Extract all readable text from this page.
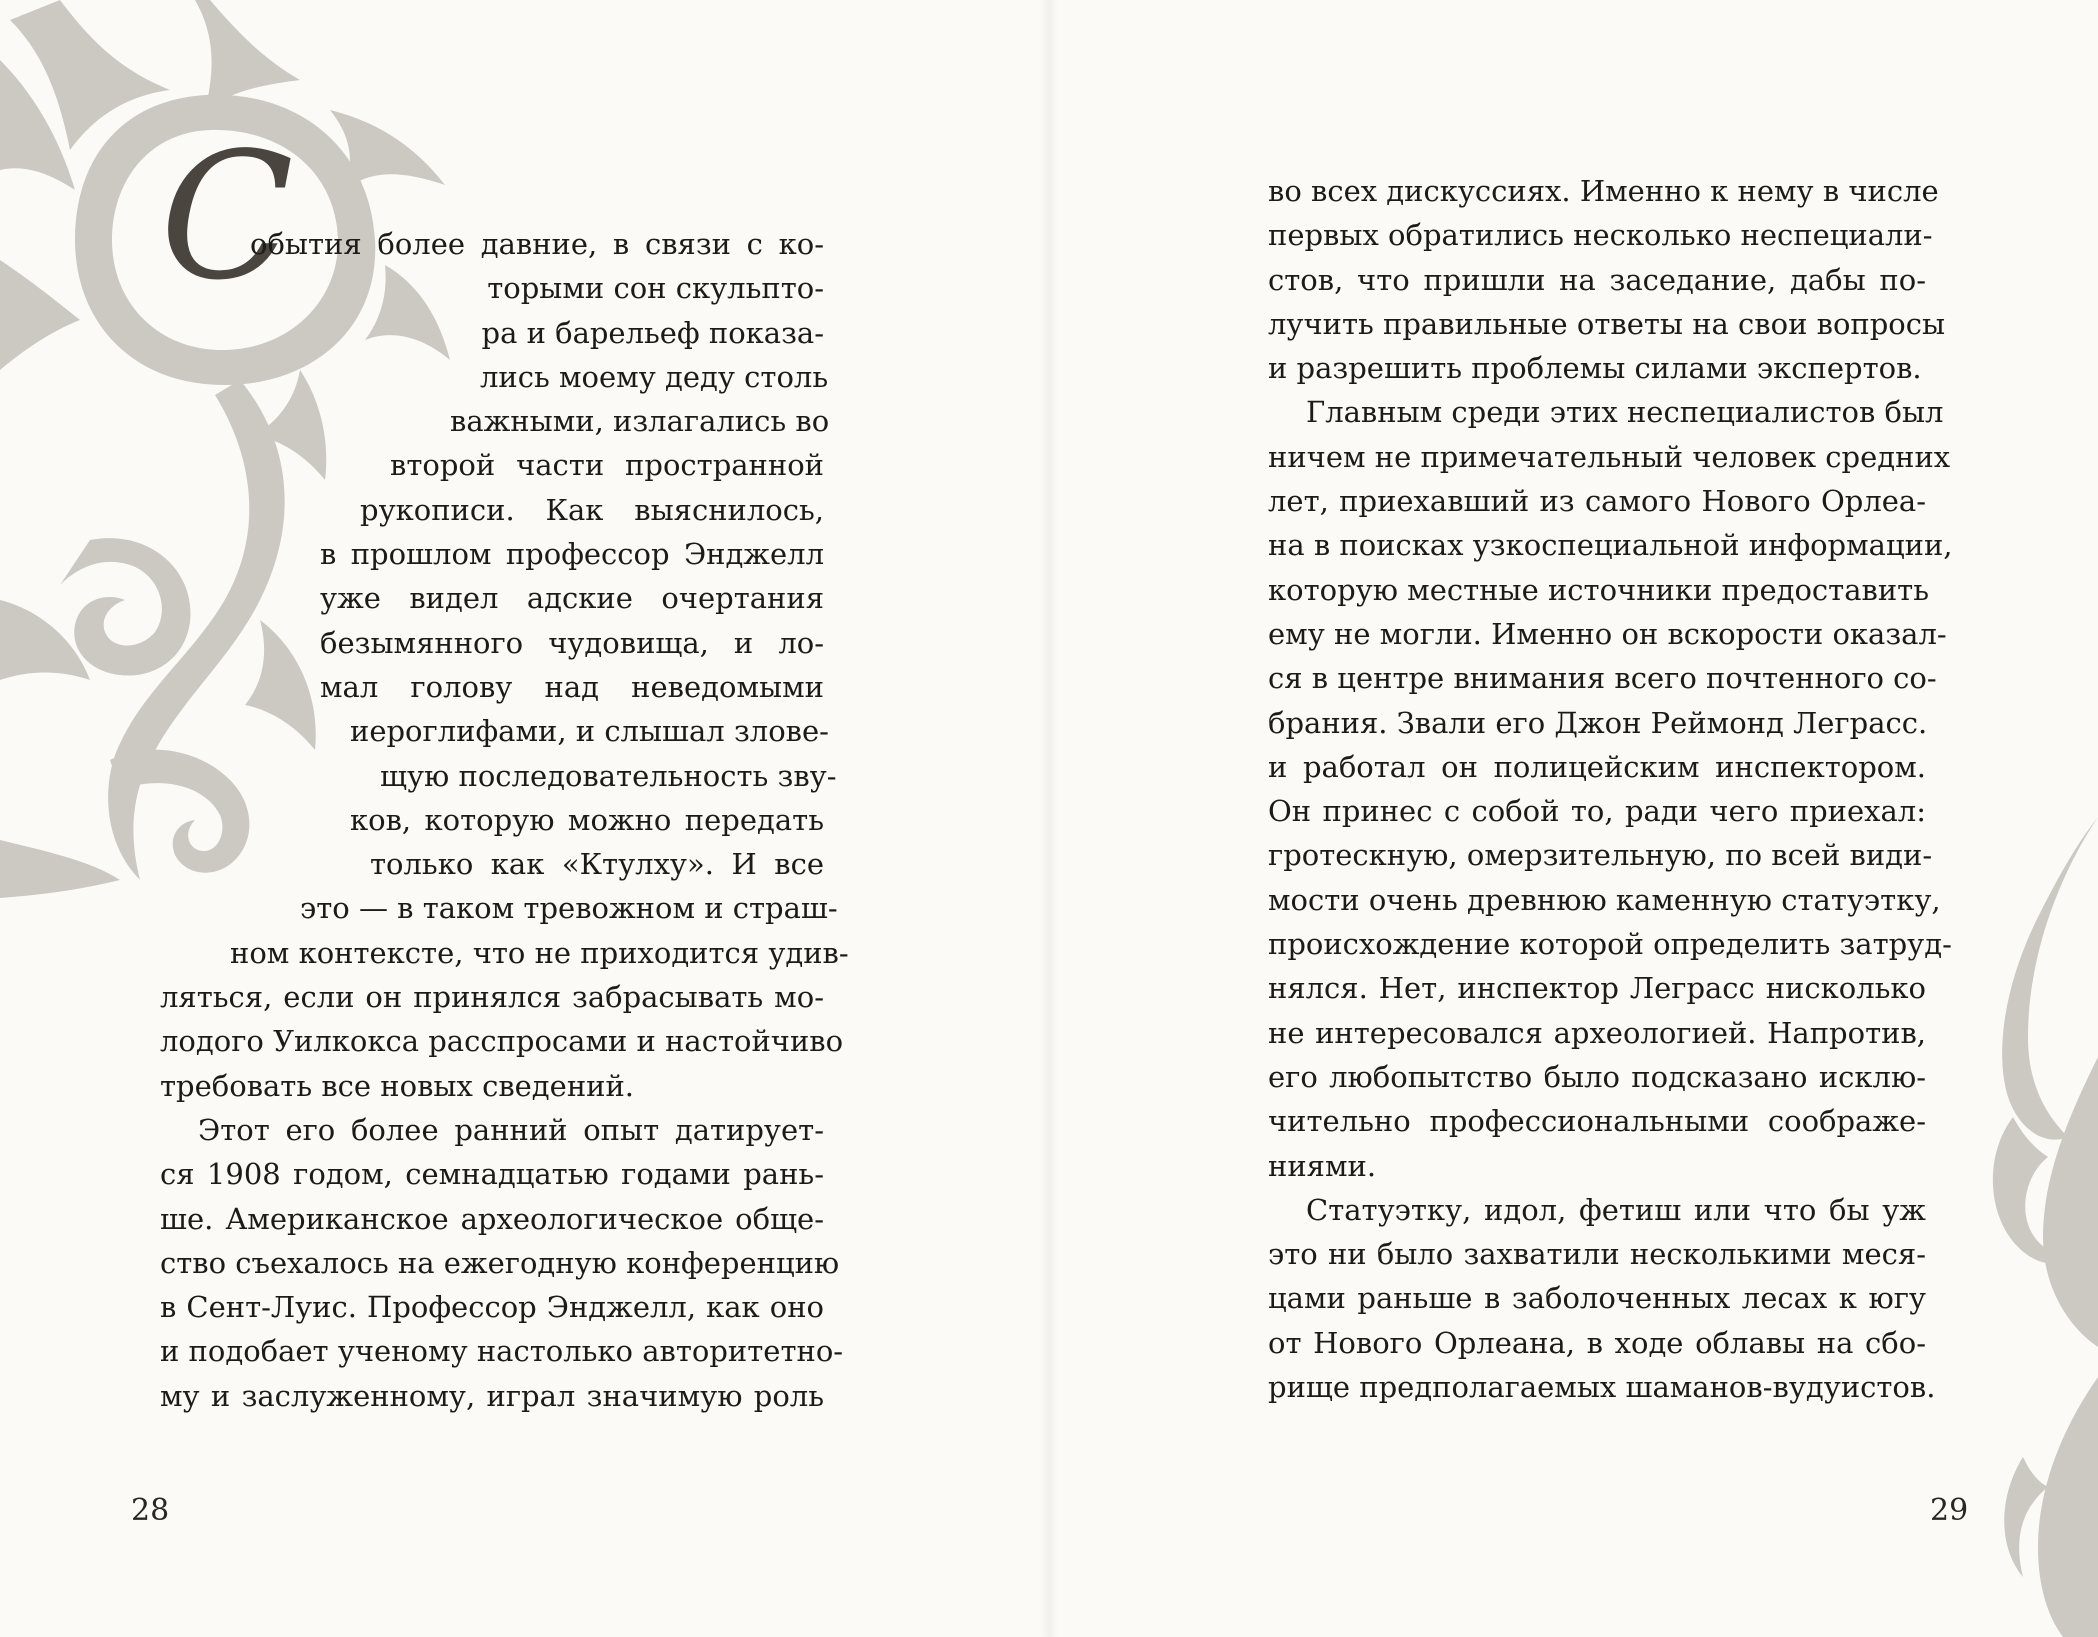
С
обытия более давние, в связи с ко-
торыми сон скульпто-
ра и барельеф показа-
лись моему деду столь
важными, излагались во
второй части пространной
рукописи. Как выяснилось,
в прошлом профессор Энджелл
уже видел адские очертания
безымянного чудовища, и ло-
мал голову над неведомыми
иероглифами, и слышал зловe-
щую последовательность зву-
ков, которую можно передать
только как «Ктулху». И все
это — в таком тревожном и страш-
ном контексте, что не приходится удив-
ляться, если он принялся забрасывать мо-
лодого Уилкокса расспросами и настойчиво
требовать все новых сведений.
Этот его более ранний опыт датирует-
ся 1908 годом, семнадцатью годами рань-
ше. Американское археологическое обще-
ство съехалось на ежегодную конференцию
в Сент-Луис. Профессор Энджелл, как оно
и подобает ученому настолько авторитетно-
му и заслуженному, играл значимую роль
28
во всех дискуссиях. Именно к нему в числе
первых обратились несколько неспециали-
стов, что пришли на заседание, дабы по-
лучить правильные ответы на свои вопросы
и разрешить проблемы силами экспертов.
Главным среди этих неспециалистов был
ничем не примечательный человек средних
лет, приехавший из самого Нового Орлеа-
на в поисках узкоспециальной информации,
которую местные источники предоставить
ему не могли. Именно он вскорости оказал-
ся в центре внимания всего почтенного со-
брания. Звали его Джон Реймонд Леграсс.
и работал он полицейским инспектором.
Он принес с собой то, ради чего приехал:
гротескную, омерзительную, по всей види-
мости очень древнюю каменную статуэтку,
происхождение которой определить затруд-
нялся. Нет, инспектор Леграсс нисколько
не интересовался археологией. Напротив,
его любопытство было подсказано исклю-
чительно профессиональными соображе-
ниями.
Статуэтку, идол, фетиш или что бы уж
это ни было захватили несколькими меся-
цами раньше в заболоченных лесах к югу
от Нового Орлеана, в ходе облавы на сбо-
рище предполагаемых шаманов-вудуистов.
29
